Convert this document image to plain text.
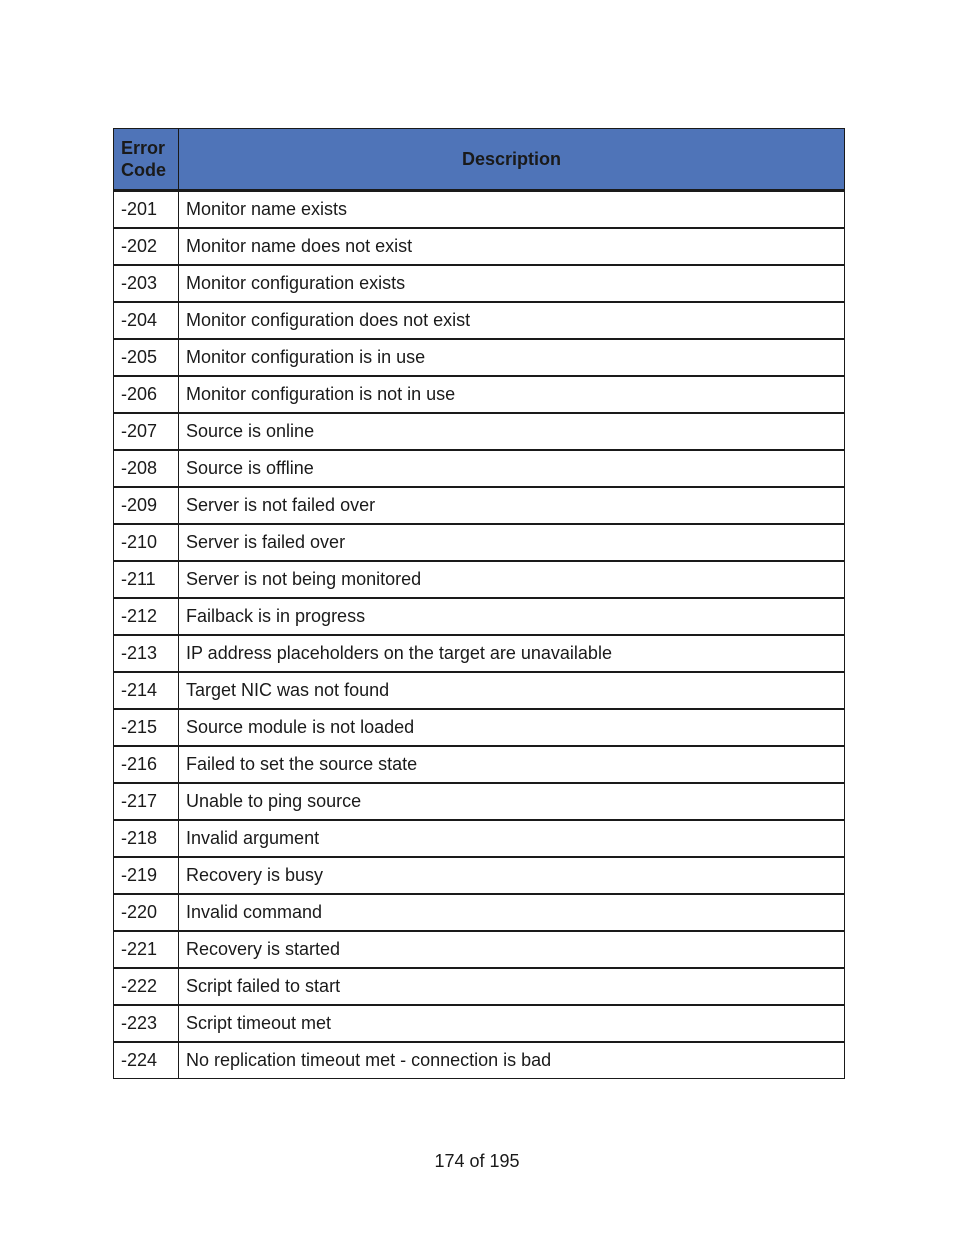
Error
Code	Description
-201	Monitor name exists
-202	Monitor name does not exist
-203	Monitor configuration exists
-204	Monitor configuration does not exist
-205	Monitor configuration is in use
-206	Monitor configuration is not in use
-207	Source is online
-208	Source is offline
-209	Server is not failed over
-210	Server is failed over
-211	Server is not being monitored
-212	Failback is in progress
-213	IP address placeholders on the target are unavailable
-214	Target NIC was not found
-215	Source module is not loaded
-216	Failed to set the source state
-217	Unable to ping source
-218	Invalid argument
-219	Recovery is busy
-220	Invalid command
-221	Recovery is started
-222	Script failed to start
-223	Script timeout met
-224	No replication timeout met - connection is bad
174 of 195
